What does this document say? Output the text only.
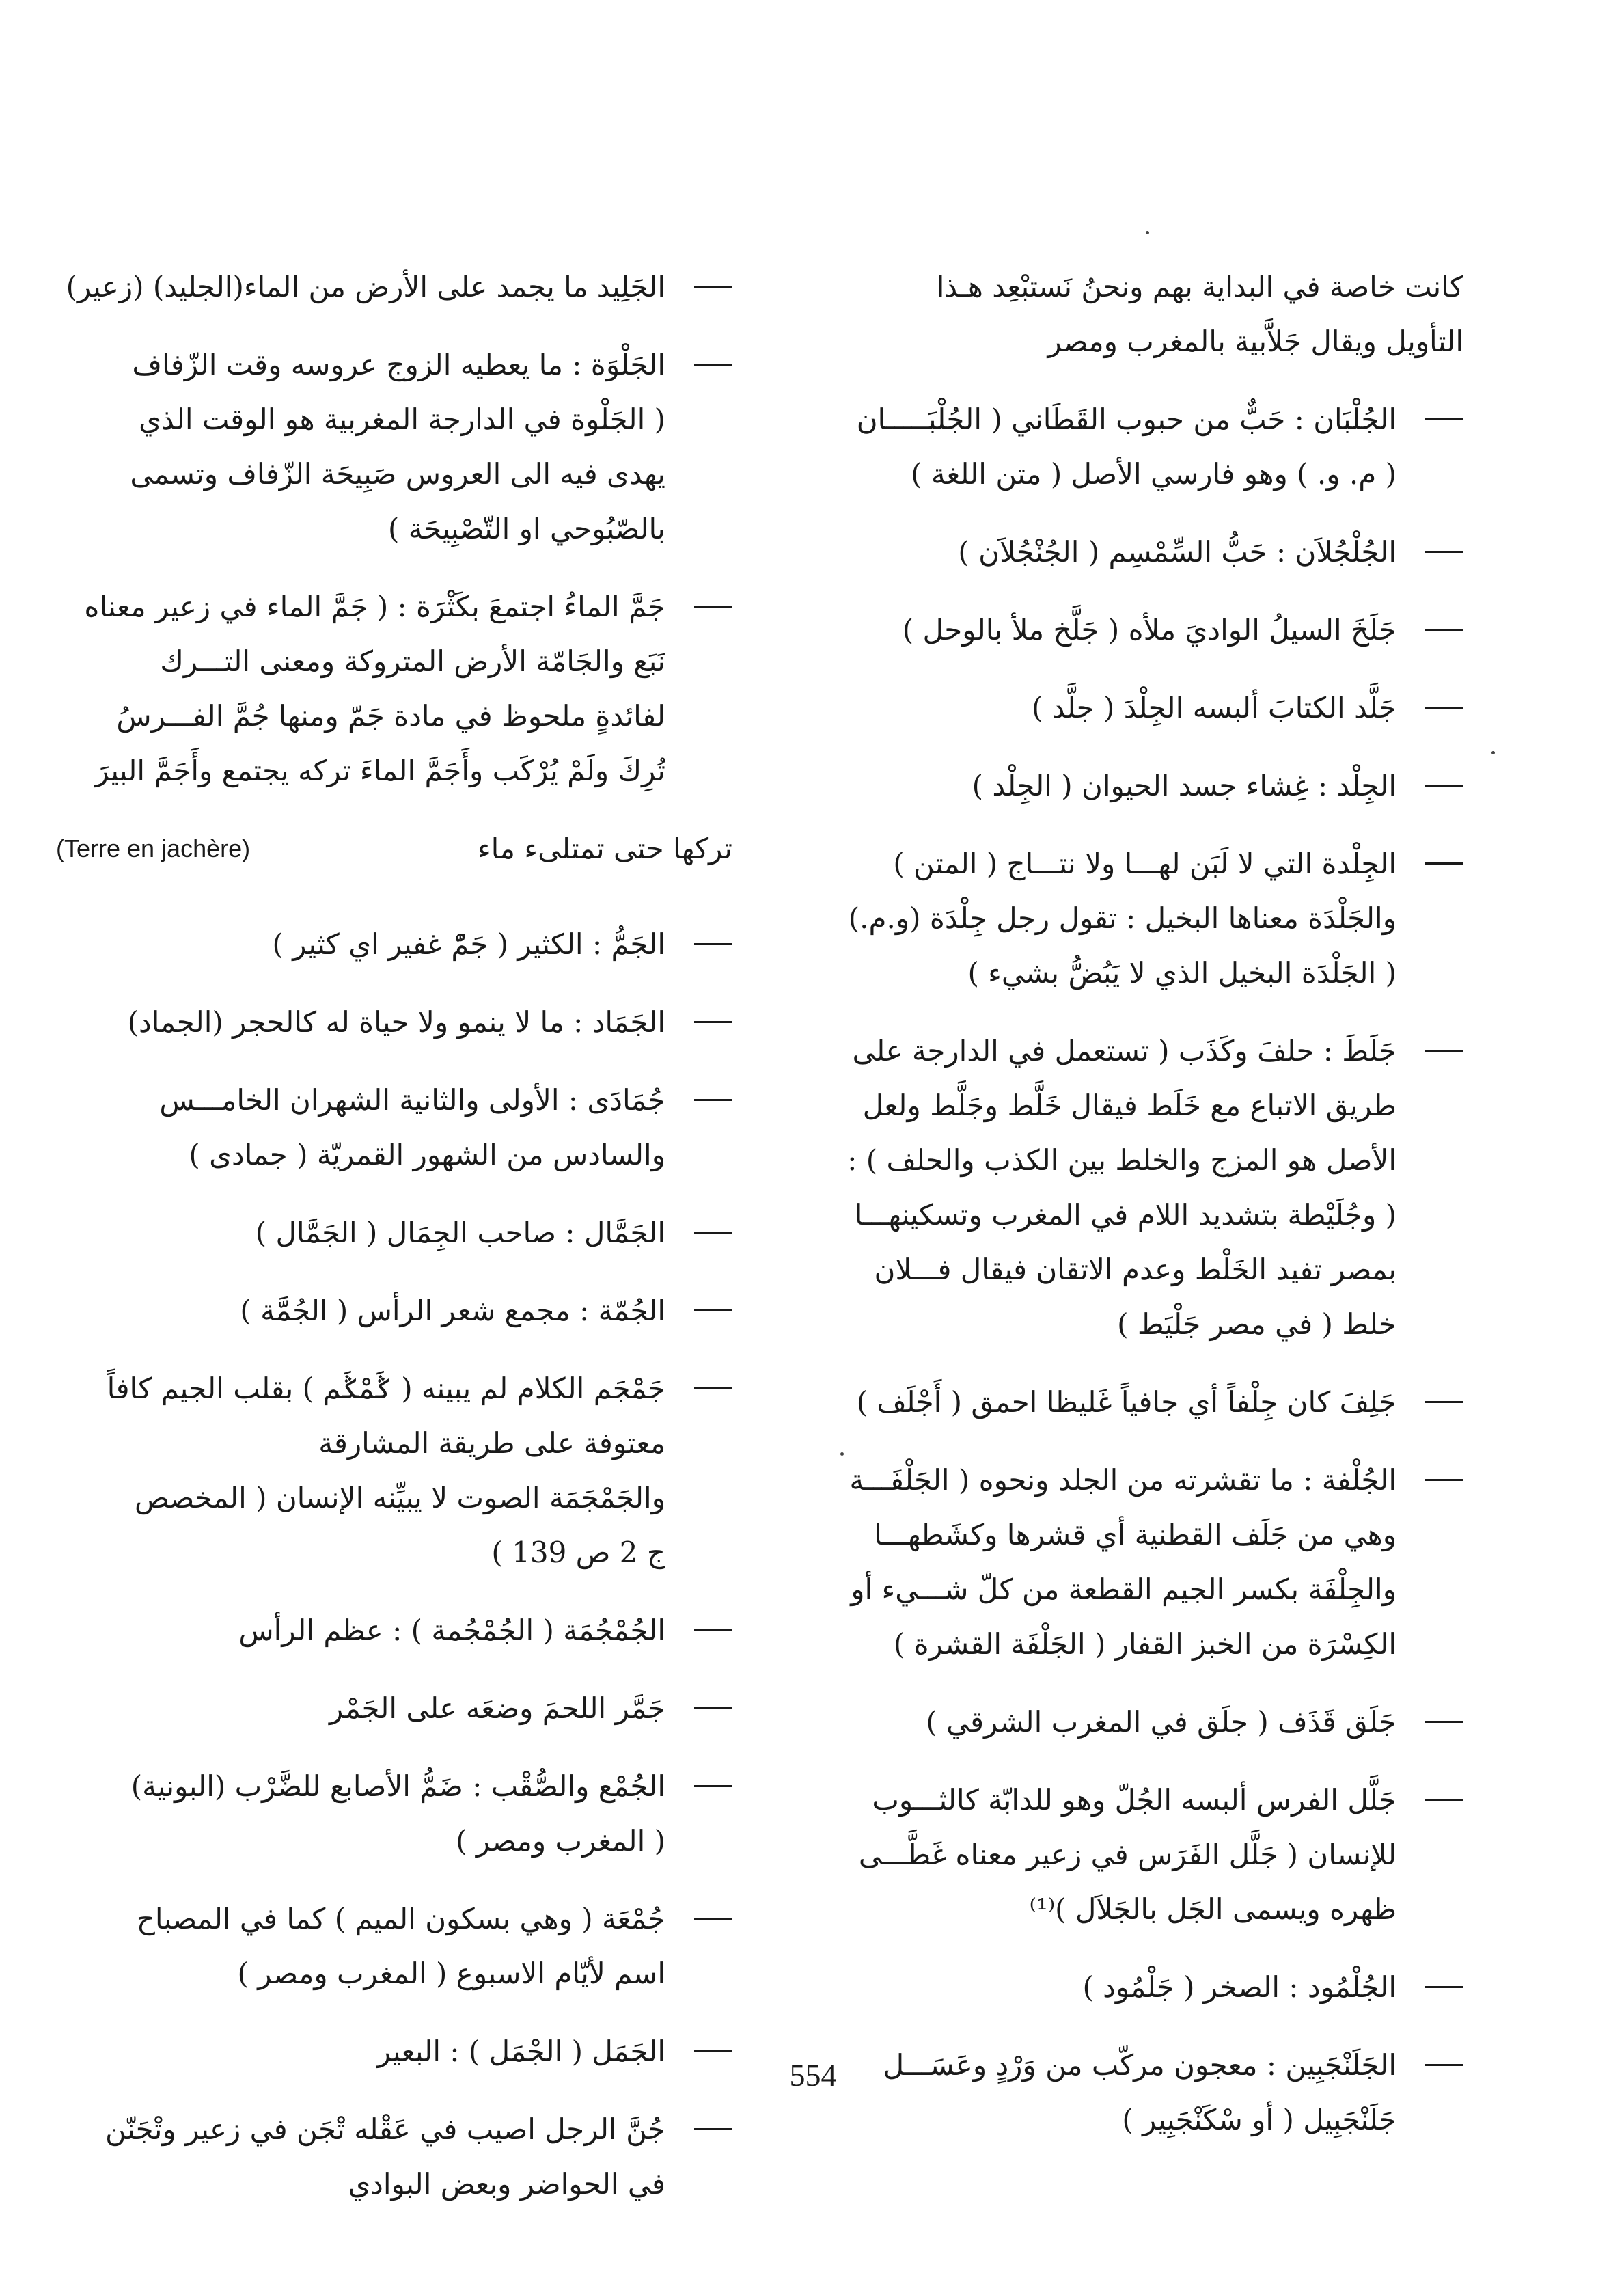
كانت خاصة في البداية بهم ونحنُ نَستبْعِد هـذا
التأويل ويقال جَلاَّبية بالمغرب ومصر
الجُلْبَان : حَبٌّ من حبوب القَطَاني ( الجُلْبَـــــان
( م. و. ) وهو فارسي الأصل ( متن اللغة )
الجُلْجُلاَن : حَبُّ السِّمْسِم ( الجُنْجُلاَن )
جَلَخَ السيلُ الواديَ ملأه ( جَلَّخ ملأ بالوحل )
جَلَّد الكتابَ ألبسه الجِلْدَ ( جلَّد )
الجِلْد : غِشاء جسد الحيوان ( الجِلْد )
الجِلْدة التي لا لَبَن لهـــا ولا نتـــاج ( المتن )
والجَلْدَة معناها البخيل : تقول رجل جِلْدَة (و.م.)
( الجَلْدَة البخيل الذي لا يَبُضُّ بشيء )
جَلَطَ : حلفَ وكَذَب ( تستعمل في الدارجة على
طريق الاتباع مع خَلَط فيقال خَلَّط وجَلَّط ولعل
الأصل هو المزج والخلط بين الكذب والحلف ) :
( وجُلَيْطة بتشديد اللام في المغرب وتسكينهـــا
بمصر تفيد الخَلْط وعدم الاتقان فيقال فـــلان
خلط ( في مصر جَلْيَط )
جَلِفَ كان جِلْفاً أي جافياً غَليظا احمق ( أَجْلَف )
الجُلْفة : ما تقشرته من الجلد ونحوه ( الجَلْفَـــة
وهي من جَلَف القطنية أي قشرها وكشَطهـــا
والجِلْفَة بكسر الجيم القطعة من كلّ شـــيء أو
الكِسْرَة من الخبز القفار ( الجَلْفَة القشرة )
جَلَق قَذَف ( جلَق في المغرب الشرقي )
جَلَّل الفرس ألبسه الجُلّ وهو للدابّة كالثـــوب
للإنسان ( جَلَّل الفَرَس في زعير معناه غَطَّـــى
ظهره ويسمى الجَل بالجَلاَل )⁽¹⁾
الجُلْمُود : الصخر ( جَلْمُود )
الجَلَنْجَبِين : معجون مركّب من وَرْدٍ وعَسَـــل
جَلَنْجَبِيل ( أو سْكَنْجَبِير )
الجَلِيد ما يجمد على الأرض من الماء(الجليد) (زعير)
الجَلْوَة : ما يعطيه الزوج عروسه وقت الزّفاف
( الجَلْوة في الدارجة المغربية هو الوقت الذي
يهدى فيه الى العروس صَبِيحَة الزّفاف وتسمى
بالصّبُوحي او التّصْبِيحَة )
جَمَّ الماءُ اجتمعَ بكَثْرَة : ( جَمَّ الماء في زعير معناه
نَبَع والجَامّة الأرض المتروكة ومعنى التـــرك
لفائدةٍ ملحوظ في مادة جَمّ ومنها جُمَّ الفـــرسُ
تُرِكَ ولَمْ يُرْكَب وأَجَمَّ الماءَ تركه يجتمع وأَجَمَّ البيرَ
(Terre en jachère)	تركها حتى تمتلىء ماء
الجَمُّ : الكثير ( جَمّْ غفير اي كثير )
الجَمَاد : ما لا ينمو ولا حياة له كالحجر (الجماد)
جُمَادَى : الأولى والثانية الشهران الخامـــس
والسادس من الشهور القمريّة ( جمادى )
الجَمَّال : صاحب الجِمَال ( الجَمَّال )
الجُمّة : مجمع شعر الرأس ( الجُمَّة )
جَمْجَم الكلام لم يبينه ( ݣَمْݣَم ) بقلب الجيم كافاً
معتوفة على طريقة المشارقة
والجَمْجَمَة الصوت لا يبيِّنه الإنسان ( المخصص
ج 2 ص 139 )
الجُمْجُمَة ( الجُمْجُمة ) : عظم الرأس
جَمَّر اللحمَ وضعَه على الجَمْر
الجُمْع والصُّقْب : ضَمُّ الأصابع للضَّرْب (البونية)
( المغرب ومصر )
جُمْعَة ( وهي بسكون الميم ) كما في المصباح
اسم لأيّام الاسبوع ( المغرب ومصر )
الجَمَل ( الجْمَل ) : البعير
جُنَّ الرجل اصيب في عَقْله تْجَن في زعير وتْجَنّن
في الحواضر وبعض البوادي
554
